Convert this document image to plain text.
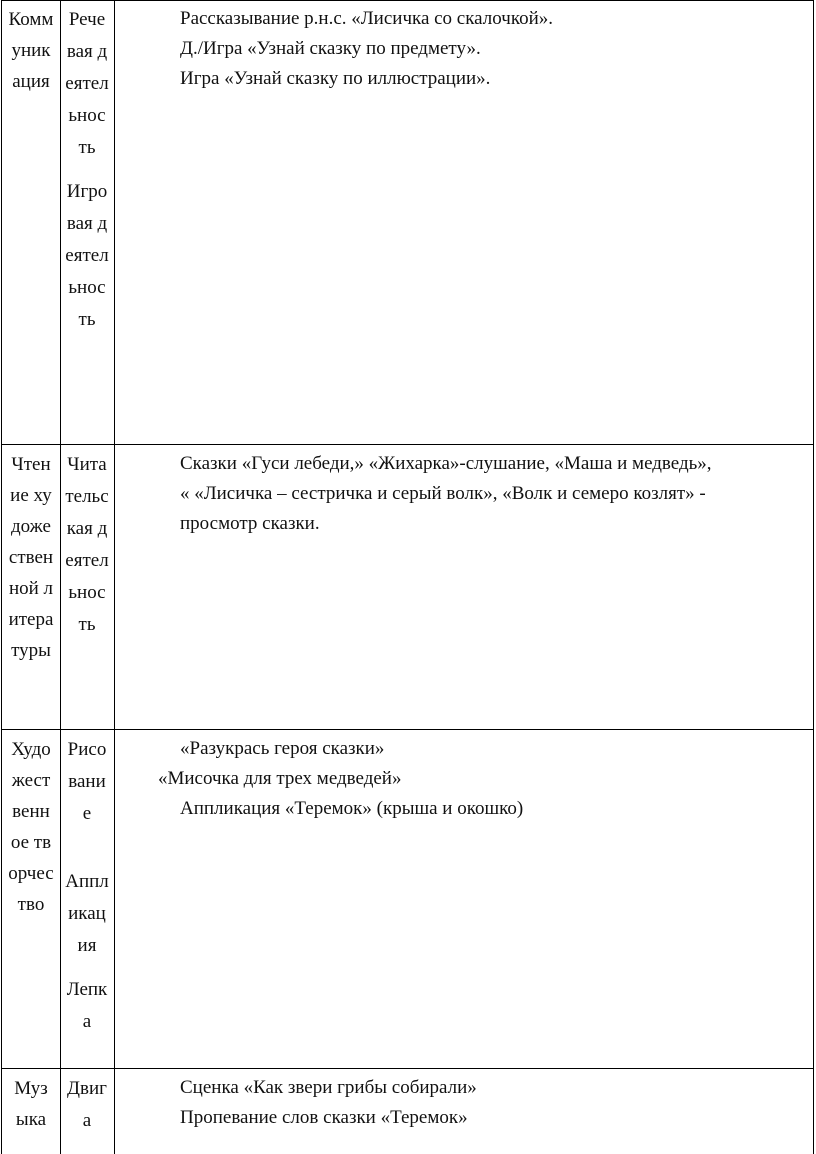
Коммуникация
Речевая деятельность
Игровая деятельность
Рассказывание р.н.с. «Лисичка со скалочкой».
Д./Игра «Узнай сказку по предмету».
Игра «Узнай сказку по иллюстрации».
Чтение художественной литературы
Читательская деятельность
Сказки «Гуси лебеди,» «Жихарка»-слушание, «Маша и медведь»,
« «Лисичка – сестричка и серый волк», «Волк и семеро козлят» -
просмотр сказки.
Художественное творчество
Рисование
Аппликация
Лепка
«Разукрась героя сказки»
«Мисочка для трех медведей»
Аппликация «Теремок» (крыша и окошко)
Музыка
Двига
Сценка «Как звери грибы собирали»
Пропевание слов сказки «Теремок»
